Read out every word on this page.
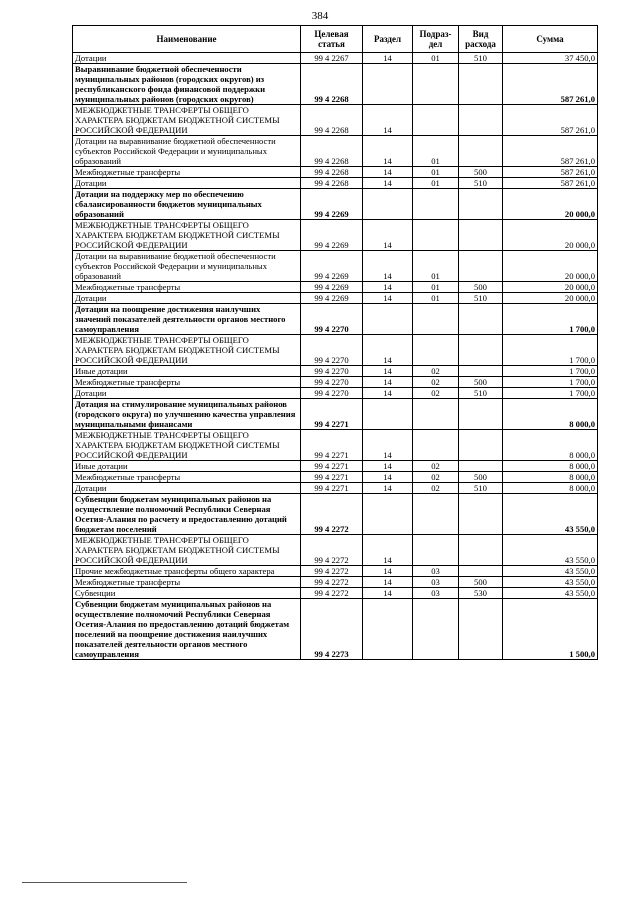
384
Наименование	Целевая статья	Раздел	Подраз- дел	Вид расхода	Сумма
Дотации	99 4 2267	14	01	510	37 450,0
Выравнивание бюджетной обеспеченности муниципальных районов (городских округов) из республиканского фонда финансовой поддержки муниципальных районов (городских округов)	99 4 2268				587 261,0
МЕЖБЮДЖЕТНЫЕ ТРАНСФЕРТЫ ОБЩЕГО ХАРАКТЕРА БЮДЖЕТАМ БЮДЖЕТНОЙ СИСТЕМЫ РОССИЙСКОЙ ФЕДЕРАЦИИ	99 4 2268	14			587 261,0
Дотации на выравнивание бюджетной обеспеченности субъектов Российской Федерации и муниципальных образований	99 4 2268	14	01		587 261,0
Межбюджетные трансферты	99 4 2268	14	01	500	587 261,0
Дотации	99 4 2268	14	01	510	587 261,0
Дотации на поддержку мер по обеспечению сбалансированности бюджетов муниципальных образований	99 4 2269				20 000,0
МЕЖБЮДЖЕТНЫЕ ТРАНСФЕРТЫ ОБЩЕГО ХАРАКТЕРА БЮДЖЕТАМ БЮДЖЕТНОЙ СИСТЕМЫ РОССИЙСКОЙ ФЕДЕРАЦИИ	99 4 2269	14			20 000,0
Дотации на выравнивание бюджетной обеспеченности субъектов Российской Федерации и муниципальных образований	99 4 2269	14	01		20 000,0
Межбюджетные трансферты	99 4 2269	14	01	500	20 000,0
Дотации	99 4 2269	14	01	510	20 000,0
Дотации на поощрение достижения наилучших значений показателей деятельности органов местного самоуправления	99 4 2270				1 700,0
МЕЖБЮДЖЕТНЫЕ ТРАНСФЕРТЫ ОБЩЕГО ХАРАКТЕРА БЮДЖЕТАМ БЮДЖЕТНОЙ СИСТЕМЫ РОССИЙСКОЙ ФЕДЕРАЦИИ	99 4 2270	14			1 700,0
Иные дотации	99 4 2270	14	02		1 700,0
Межбюджетные трансферты	99 4 2270	14	02	500	1 700,0
Дотации	99 4 2270	14	02	510	1 700,0
Дотация на стимулирование муниципальных районов (городского округа) по улучшению качества управления муниципальными финансами	99 4 2271				8 000,0
МЕЖБЮДЖЕТНЫЕ ТРАНСФЕРТЫ ОБЩЕГО ХАРАКТЕРА БЮДЖЕТАМ БЮДЖЕТНОЙ СИСТЕМЫ РОССИЙСКОЙ ФЕДЕРАЦИИ	99 4 2271	14			8 000,0
Иные дотации	99 4 2271	14	02		8 000,0
Межбюджетные трансферты	99 4 2271	14	02	500	8 000,0
Дотации	99 4 2271	14	02	510	8 000,0
Субвенции бюджетам муниципальных районов на осуществление полномочий Республики Северная Осетия-Алания по расчету и предоставлению дотаций бюджетам поселений	99 4 2272				43 550,0
МЕЖБЮДЖЕТНЫЕ ТРАНСФЕРТЫ ОБЩЕГО ХАРАКТЕРА БЮДЖЕТАМ БЮДЖЕТНОЙ СИСТЕМЫ РОССИЙСКОЙ ФЕДЕРАЦИИ	99 4 2272	14			43 550,0
Прочие межбюджетные трансферты общего характера	99 4 2272	14	03		43 550,0
Межбюджетные трансферты	99 4 2272	14	03	500	43 550,0
Субвенции	99 4 2272	14	03	530	43 550,0
Субвенции бюджетам муниципальных районов на осуществление полномочий Республики Северная Осетия-Алания по предоставлению дотаций бюджетам поселений на поощрение достижения наилучших показателей деятельности органов местного самоуправления	99 4 2273				1 500,0
